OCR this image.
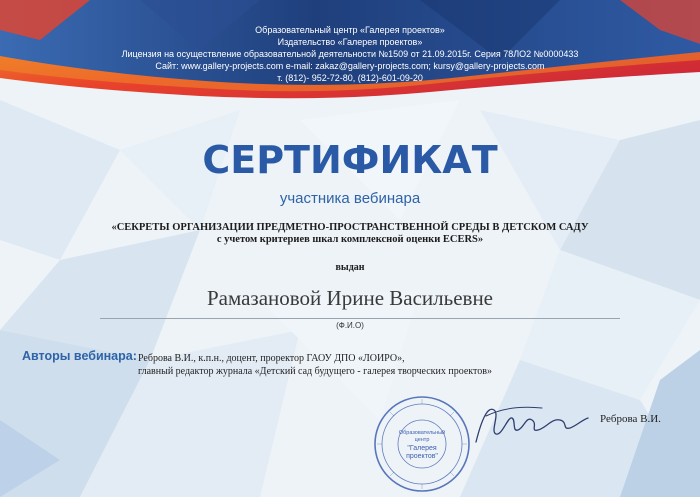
Образовательный центр «Галерея проектов»
Издательство «Галерея проектов»
Лицензия на осуществление образовательной деятельности №1509 от 21.09.2015г. Серия 78ЛО2 №0000433
Сайт: www.gallery-projects.com e-mail: zakaz@gallery-projects.com; kursy@gallery-projects.com
т. (812)- 952-72-80, (812)-601-09-20
СЕРТИФИКАТ
участника вебинара
«СЕКРЕТЫ ОРГАНИЗАЦИИ ПРЕДМЕТНО-ПРОСТРАНСТВЕННОЙ СРЕДЫ В ДЕТСКОМ САДУ
с учетом критериев шкал комплексной оценки ECERS»
выдан
Рамазановой Ирине Васильевне
(Ф.И.О)
Авторы вебинара: Реброва В.И., к.п.н., доцент, проректор ГАОУ ДПО «ЛОИРО»,
главный редактор журнала «Детский сад будущего - галерея творческих проектов»
Образовательный
центр
"Галерея
проектов"
Реброва В.И.
